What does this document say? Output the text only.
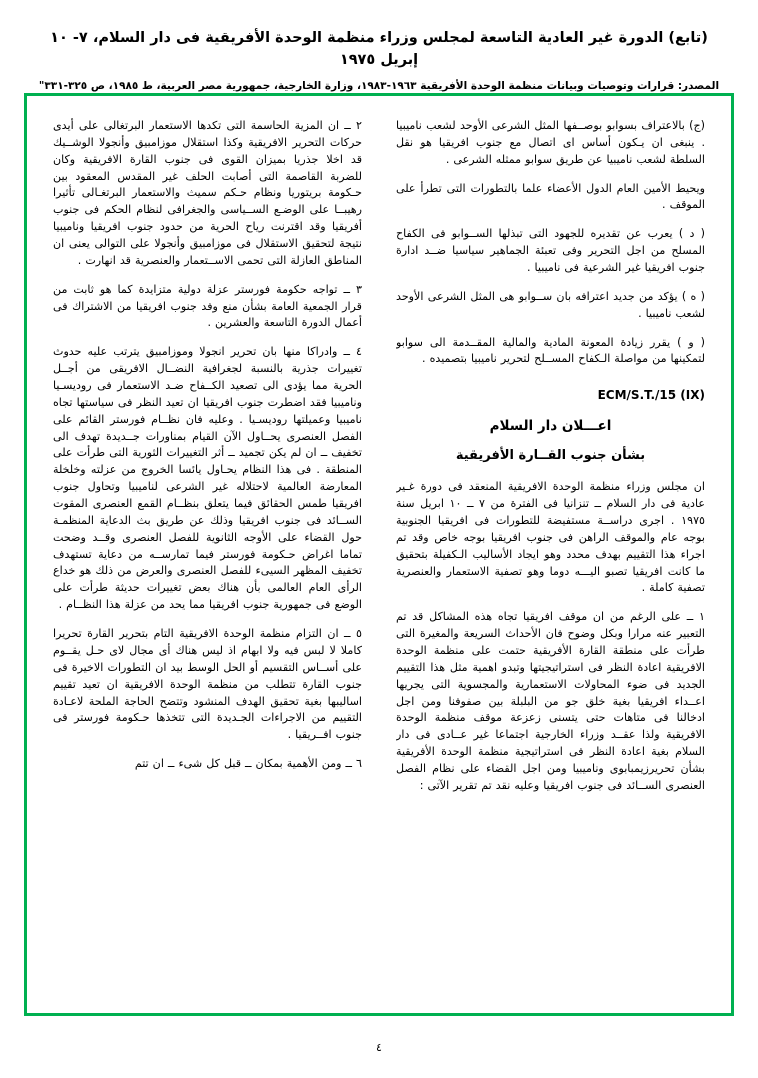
(تابع) الدورة غير العادية التاسعة لمجلس وزراء منظمة الوحدة الأفريقية فى دار السلام، ٧- ١٠ إبريل ١٩٧٥
المصدر: قرارات وتوصيات وبيانات منظمة الوحدة الأفريقية ١٩٦٣-١٩٨٣، وزارة الخارجية، جمهورية مصر العربية، ط ١٩٨٥، ص ٣٢٥-٣٣١"

(ج) بالاعتراف بسوابو بوصــفها المثل الشرعى الأوحد لشعب ناميبيا . ينبغى ان يـكون أساس اى اتصال مع جنوب افريقيا هو نقل السلطة لشعب ناميبيا عن طريق سوابو ممثله الشرعى .

ويحيط الأمين العام الدول الأعضاء علما بالتطورات التى تطرأ على الموقف .

( د ) يعرب عن تقديره للجهود التى تبذلها الســوابو فى الكفاح المسلح من اجل التحرير وفى تعبئة الجماهير سياسيا ضــد ادارة جنوب افريقيا غير الشرعية فى ناميبيا .

( ه ) يؤكد من جديد اعترافه بان ســوابو هى المثل الشرعى الأوحد لشعب ناميبيا .

( و ) يقرر زيادة المعونة المادية والمالية المقــدمة الى سوابو لتمكينها من مواصلة الـكفاح المســلح لتحرير ناميبيا بتصميده .

ECM/S.T./15 (IX)
اعـــلان دار السلام
بشأن جنوب القــارة الأفريقية

ان مجلس وزراء منظمة الوحدة الافريقية المنعقد فى دورة غـير عادية فى دار السلام ــ تنزانيا فى الفترة من ٧ ــ ١٠ ابريل سنة ١٩٧٥ . اجرى دراســة مستفيضة للتطورات فى افريقيا الجنوبية بوجه عام والموقف الراهن فى جنوب افريقيا بوجه خاص وقد تم اجراء هذا التقييم بهدف محدد وهو ايجاد الأساليب الـكفيلة بتحقيق ما كانت افريقيا تصبو اليـــه دوما وهو تصفية الاستعمار والعنصرية تصفية كاملة .

١ ــ على الرغم من ان موقف افريقيا تجاه هذه المشاكل قد تم التعبير عنه مرارا وبكل وضوح فان الأحداث السريعة والمغيرة التى طرأت على منطقة القارة الأفريقية حتمت على منظمة الوحدة الافريقية اعادة النظر فى استراتيجيتها وتبدو اهمية مثل هذا التقييم الجديد فى ضوء المحاولات الاستعمارية والمجسوية التى يجريها اعــداء افريقيا بغية خلق جو من البلبلة بين صفوفنا ومن اجل ادخالنا فى متاهات حتى يتسنى زعزعة موقف منظمة الوحدة الافريقية ولذا عقــد وزراء الخارجية اجتماعا غير عــادى فى دار السلام بغية اعادة النظر فى استراتيجية منظمة الوحدة الأفريقية بشأن تحريرزيمبابوى وناميبيا ومن اجل القضاء على نظام الفصل العنصرى الســائد فى جنوب افريقيا وعليه نقد تم تقرير الآتى :

٢ ــ ان المزية الحاسمة التى تكدها الاستعمار البرتغالى على أيدى حركات التحرير الافريقية وكذا استقلال موزامبيق وأنجولا الوشــيك قد اخلا جذريا بميزان القوى فى جنوب القارة الافريقية وكان للضربة القاصمة التى أصابت الحلف غير المقدس المعقود بين حـكومة بريتوريا ونظام حـكم سميث والاستعمار البرتغـالى تأثيرا رهيبــا على الوضـع الســياسى والجغرافى لنظام الحكم فى جنوب أفريقيا وقد اقترنت رياح الحرية من حدود جنوب افريقيا وناميبيا نتيجة لتحقيق الاستقلال فى موزامبيق وأنجولا على التوالى يعنى ان المناطق العازلة التى تحمى الاســتعمار والعنصرية قد انهارت .

٣ ــ تواجه حكومة فورستر عزلة دولية متزايدة كما هو ثابت من قرار الجمعية العامة بشأن منع وفد جنوب افريقيا من الاشتراك فى أعمال الدورة التاسعة والعشرين .

٤ ــ وادراكا منها بان تحرير انجولا وموزامبيق يترتب عليه حدوث تغييرات جذرية بالنسبة لجغرافية النضــال الافريقى من أجــل الحرية مما يؤدى الى تصعيد الكــفاح ضـد الاستعمار فى روديسـيا وناميبيا فقد اضطرت جنوب افريقيا ان تعيد النظر فى سياستها تجاه ناميبيا وعميلتها روديسـيا . وعليه فان نظــام فورستر القائم على الفصل العنصرى يحــاول الآن القيام بمناورات جــديدة تهدف الى تخفيف ــ ان لم يكن تجميد ــ أثر التغييرات الثورية التى طرأت على المنطقة . فى هذا النظام يحـاول يائسا الخروج من عزلته وخلخلة المعارضة العالمية لاحتلاله غير الشرعى لناميبيا وتحاول جنوب افريقيا طمس الحقائق فيما يتعلق بنظــام القمع العنصرى المقوت الســائد فى جنوب افريقيا وذلك عن طريق بث الدعاية المنظمـة حول القضاء على الأوجه الثانوية للفصل العنصرى وقــد وضحت تماما اغراض حـكومة فورستر فيما تمارســه من دعاية تستهدف تخفيف المظهر السيىء للفصل العنصرى والعرض من ذلك هو خداع الرأى العام العالمى بأن هناك بعض تغييرات حديثة طرأت على الوضع فى جمهورية جنوب افريقيا مما يحد من عزلة هذا النظــام .

٥ ــ ان التزام منظمة الوحدة الافريقية التام بتحرير القارة تحريرا كاملا لا لبس فيه ولا ابهام اذ ليس هناك أى مجال لاى حـل يقــوم على أســاس التقسيم أو الحل الوسط بيد ان التطورات الاخيرة فى جنوب القارة تتطلب من منظمة الوحدة الافريقية ان تعيد تقييم اساليبها بغية تحقيق الهدف المنشود وتتضح الحاجة الملحة لاعـادة التقييم من الاجراءات الجـديدة التى تتخذها حـكومة فورستر فى جنوب افــريقيا .

٦ ــ ومن الأهمية بمكان ــ قبل كل شىء ــ ان تتم

٤
